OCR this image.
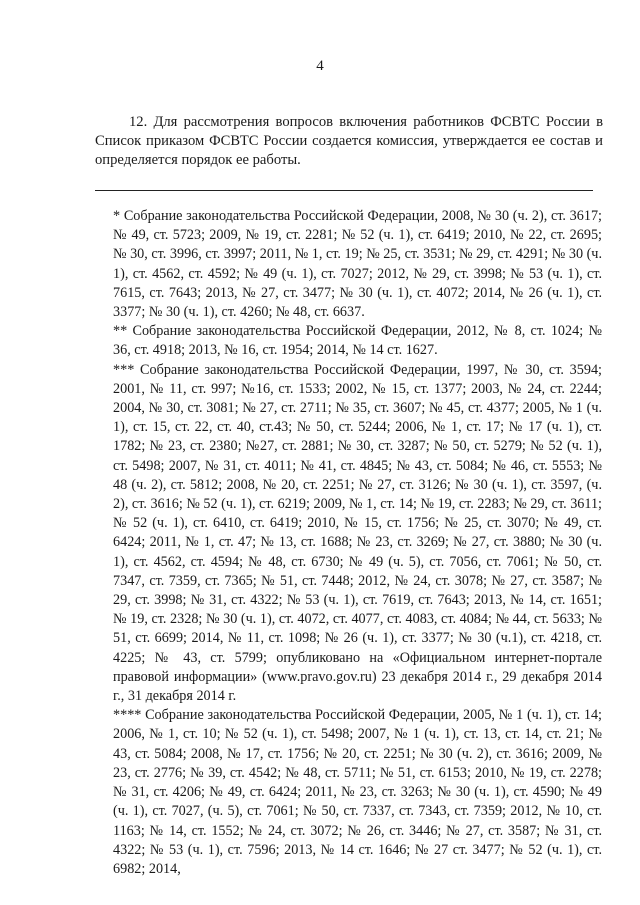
4

12. Для рассмотрения вопросов включения работников ФСВТС России в Список приказом ФСВТС России создается комиссия, утверждается ее состав и определяется порядок ее работы.

* Собрание законодательства Российской Федерации, 2008, № 30 (ч. 2), ст. 3617; № 49, ст. 5723; 2009, № 19, ст. 2281; № 52 (ч. 1), ст. 6419; 2010, № 22, ст. 2695; № 30, ст. 3996, ст. 3997; 2011, № 1, ст. 19; № 25, ст. 3531; № 29, ст. 4291; № 30 (ч. 1), ст. 4562, ст. 4592; № 49 (ч. 1), ст. 7027; 2012, № 29, ст. 3998; № 53 (ч. 1), ст. 7615, ст. 7643; 2013, № 27, ст. 3477; № 30 (ч. 1), ст. 4072; 2014, № 26 (ч. 1), ст. 3377; № 30 (ч. 1), ст. 4260; № 48, ст. 6637.

** Собрание законодательства Российской Федерации, 2012, № 8, ст. 1024; № 36, ст. 4918; 2013, № 16, ст. 1954; 2014, № 14 ст. 1627.

*** Собрание законодательства Российской Федерации, 1997, № 30, ст. 3594; 2001, № 11, ст. 997; №16, ст. 1533; 2002, № 15, ст. 1377; 2003, № 24, ст. 2244; 2004, № 30, ст. 3081; № 27, ст. 2711; № 35, ст. 3607; № 45, ст. 4377; 2005, № 1 (ч. 1), ст. 15, ст. 22, ст. 40, ст.43; № 50, ст. 5244; 2006, № 1, ст. 17; № 17 (ч. 1), ст. 1782; № 23, ст. 2380; №27, ст. 2881; № 30, ст. 3287; № 50, ст. 5279; № 52 (ч. 1), ст. 5498; 2007, № 31, ст. 4011; № 41, ст. 4845; № 43, ст. 5084; № 46, ст. 5553; № 48 (ч. 2), ст. 5812; 2008, № 20, ст. 2251; № 27, ст. 3126; № 30 (ч. 1), ст. 3597, (ч. 2), ст. 3616; № 52 (ч. 1), ст. 6219; 2009, № 1, ст. 14; № 19, ст. 2283; № 29, ст. 3611; № 52 (ч. 1), ст. 6410, ст. 6419; 2010, № 15, ст. 1756; № 25, ст. 3070; № 49, ст. 6424; 2011, № 1, ст. 47; № 13, ст. 1688; № 23, ст. 3269; № 27, ст. 3880; № 30 (ч. 1), ст. 4562, ст. 4594; № 48, ст. 6730; № 49 (ч. 5), ст. 7056, ст. 7061; № 50, ст. 7347, ст. 7359, ст. 7365; № 51, ст. 7448; 2012, № 24, ст. 3078; № 27, ст. 3587; № 29, ст. 3998; № 31, ст. 4322; № 53 (ч. 1), ст. 7619, ст. 7643; 2013, № 14, ст. 1651; № 19, ст. 2328; № 30 (ч. 1), ст. 4072, ст. 4077, ст. 4083, ст. 4084; № 44, ст. 5633; № 51, ст. 6699; 2014, № 11, ст. 1098; № 26 (ч. 1), ст. 3377; № 30 (ч.1), ст. 4218, ст. 4225; № 43, ст. 5799; опубликовано на «Официальном интернет-портале правовой информации» (www.pravo.gov.ru) 23 декабря 2014 г., 29 декабря 2014 г., 31 декабря 2014 г.

**** Собрание законодательства Российской Федерации, 2005, № 1 (ч. 1), ст. 14; 2006, № 1, ст. 10; № 52 (ч. 1), ст. 5498; 2007, № 1 (ч. 1), ст. 13, ст. 14, ст. 21; № 43, ст. 5084; 2008, № 17, ст. 1756; № 20, ст. 2251; № 30 (ч. 2), ст. 3616; 2009, № 23, ст. 2776; № 39, ст. 4542; № 48, ст. 5711; № 51, ст. 6153; 2010, № 19, ст. 2278; № 31, ст. 4206; № 49, ст. 6424; 2011, № 23, ст. 3263; № 30 (ч. 1), ст. 4590; № 49 (ч. 1), ст. 7027, (ч. 5), ст. 7061; № 50, ст. 7337, ст. 7343, ст. 7359; 2012, № 10, ст. 1163; № 14, ст. 1552; № 24, ст. 3072; № 26, ст. 3446; № 27, ст. 3587; № 31, ст. 4322; № 53 (ч. 1), ст. 7596; 2013, № 14 ст. 1646; № 27 ст. 3477; № 52 (ч. 1), ст. 6982; 2014,
